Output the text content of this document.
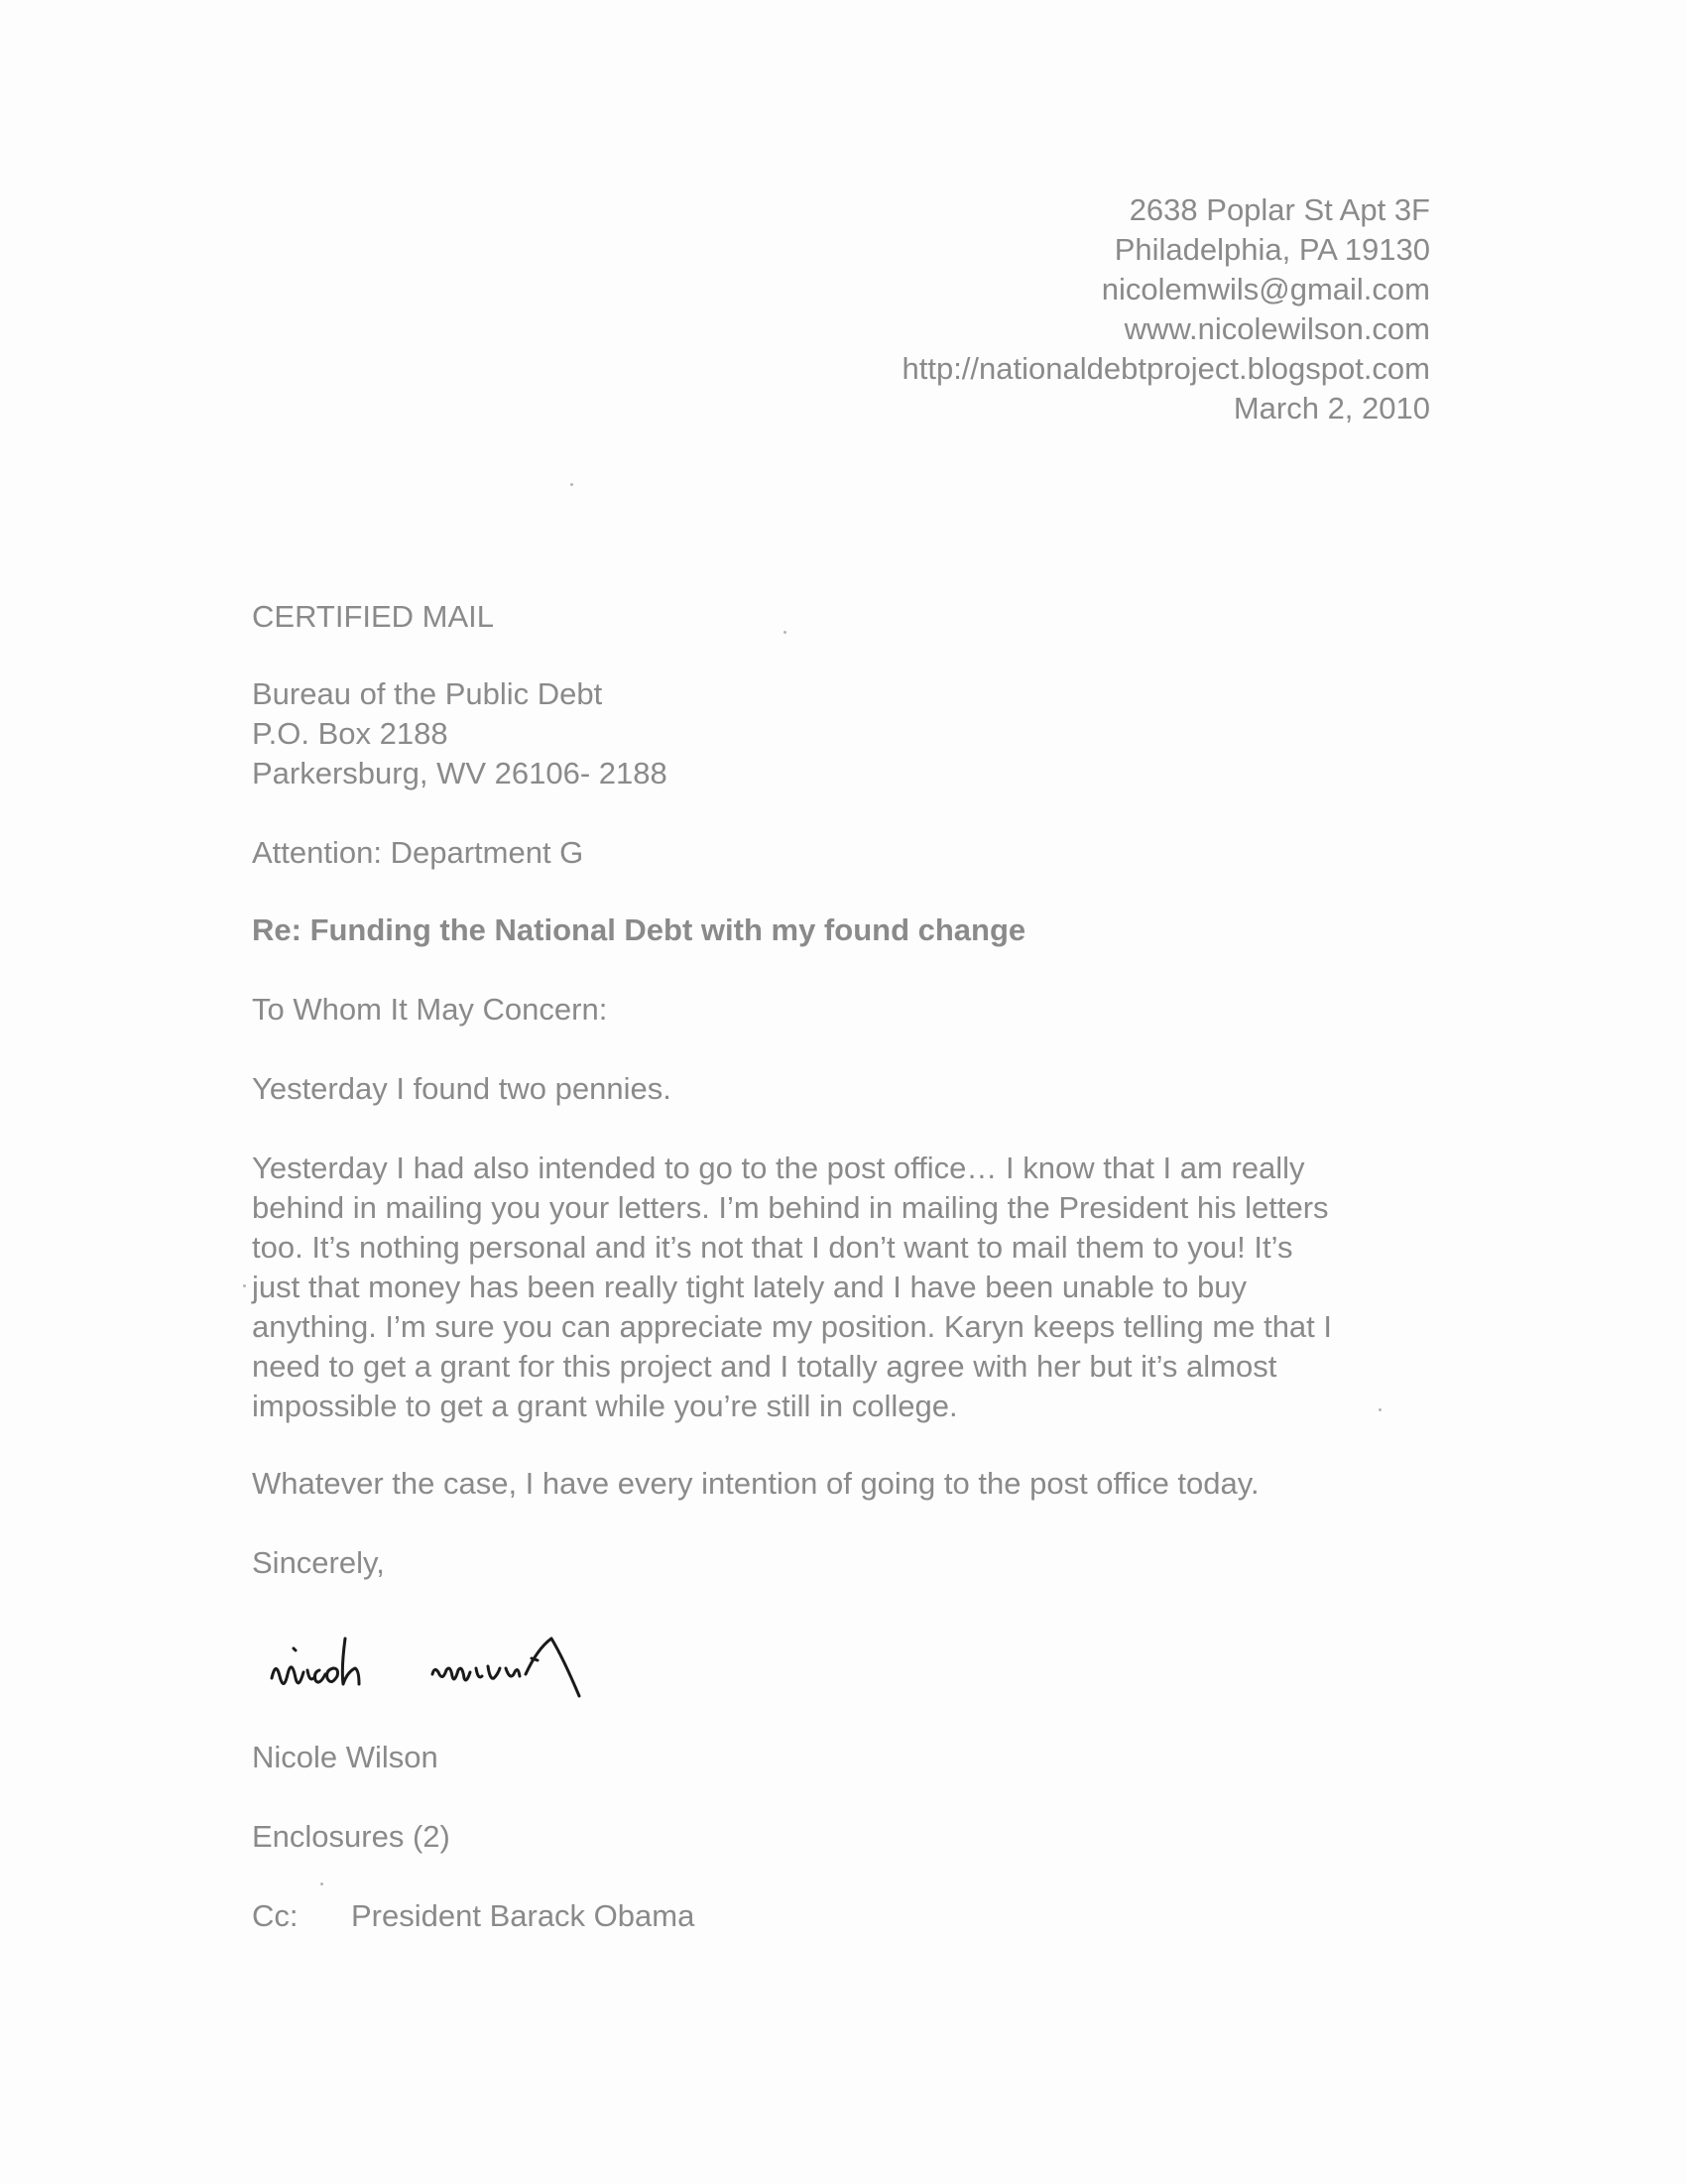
2638 Poplar St Apt 3F
Philadelphia, PA 19130
nicolemwils@gmail.com
www.nicolewilson.com
http://nationaldebtproject.blogspot.com
March 2, 2010
CERTIFIED MAIL
Bureau of the Public Debt
P.O. Box 2188
Parkersburg, WV 26106- 2188
Attention: Department G
Re: Funding the National Debt with my found change
To Whom It May Concern:
Yesterday I found two pennies.
Yesterday I had also intended to go to the post office… I know that I am really
behind in mailing you your letters. I’m behind in mailing the President his letters
too. It’s nothing personal and it’s not that I don’t want to mail them to you! It’s
just that money has been really tight lately and I have been unable to buy
anything. I’m sure you can appreciate my position. Karyn keeps telling me that I
need to get a grant for this project and I totally agree with her but it’s almost
impossible to get a grant while you’re still in college.
Whatever the case, I have every intention of going to the post office today.
Sincerely,
Nicole Wilson
Enclosures (2)
Cc: President Barack Obama
